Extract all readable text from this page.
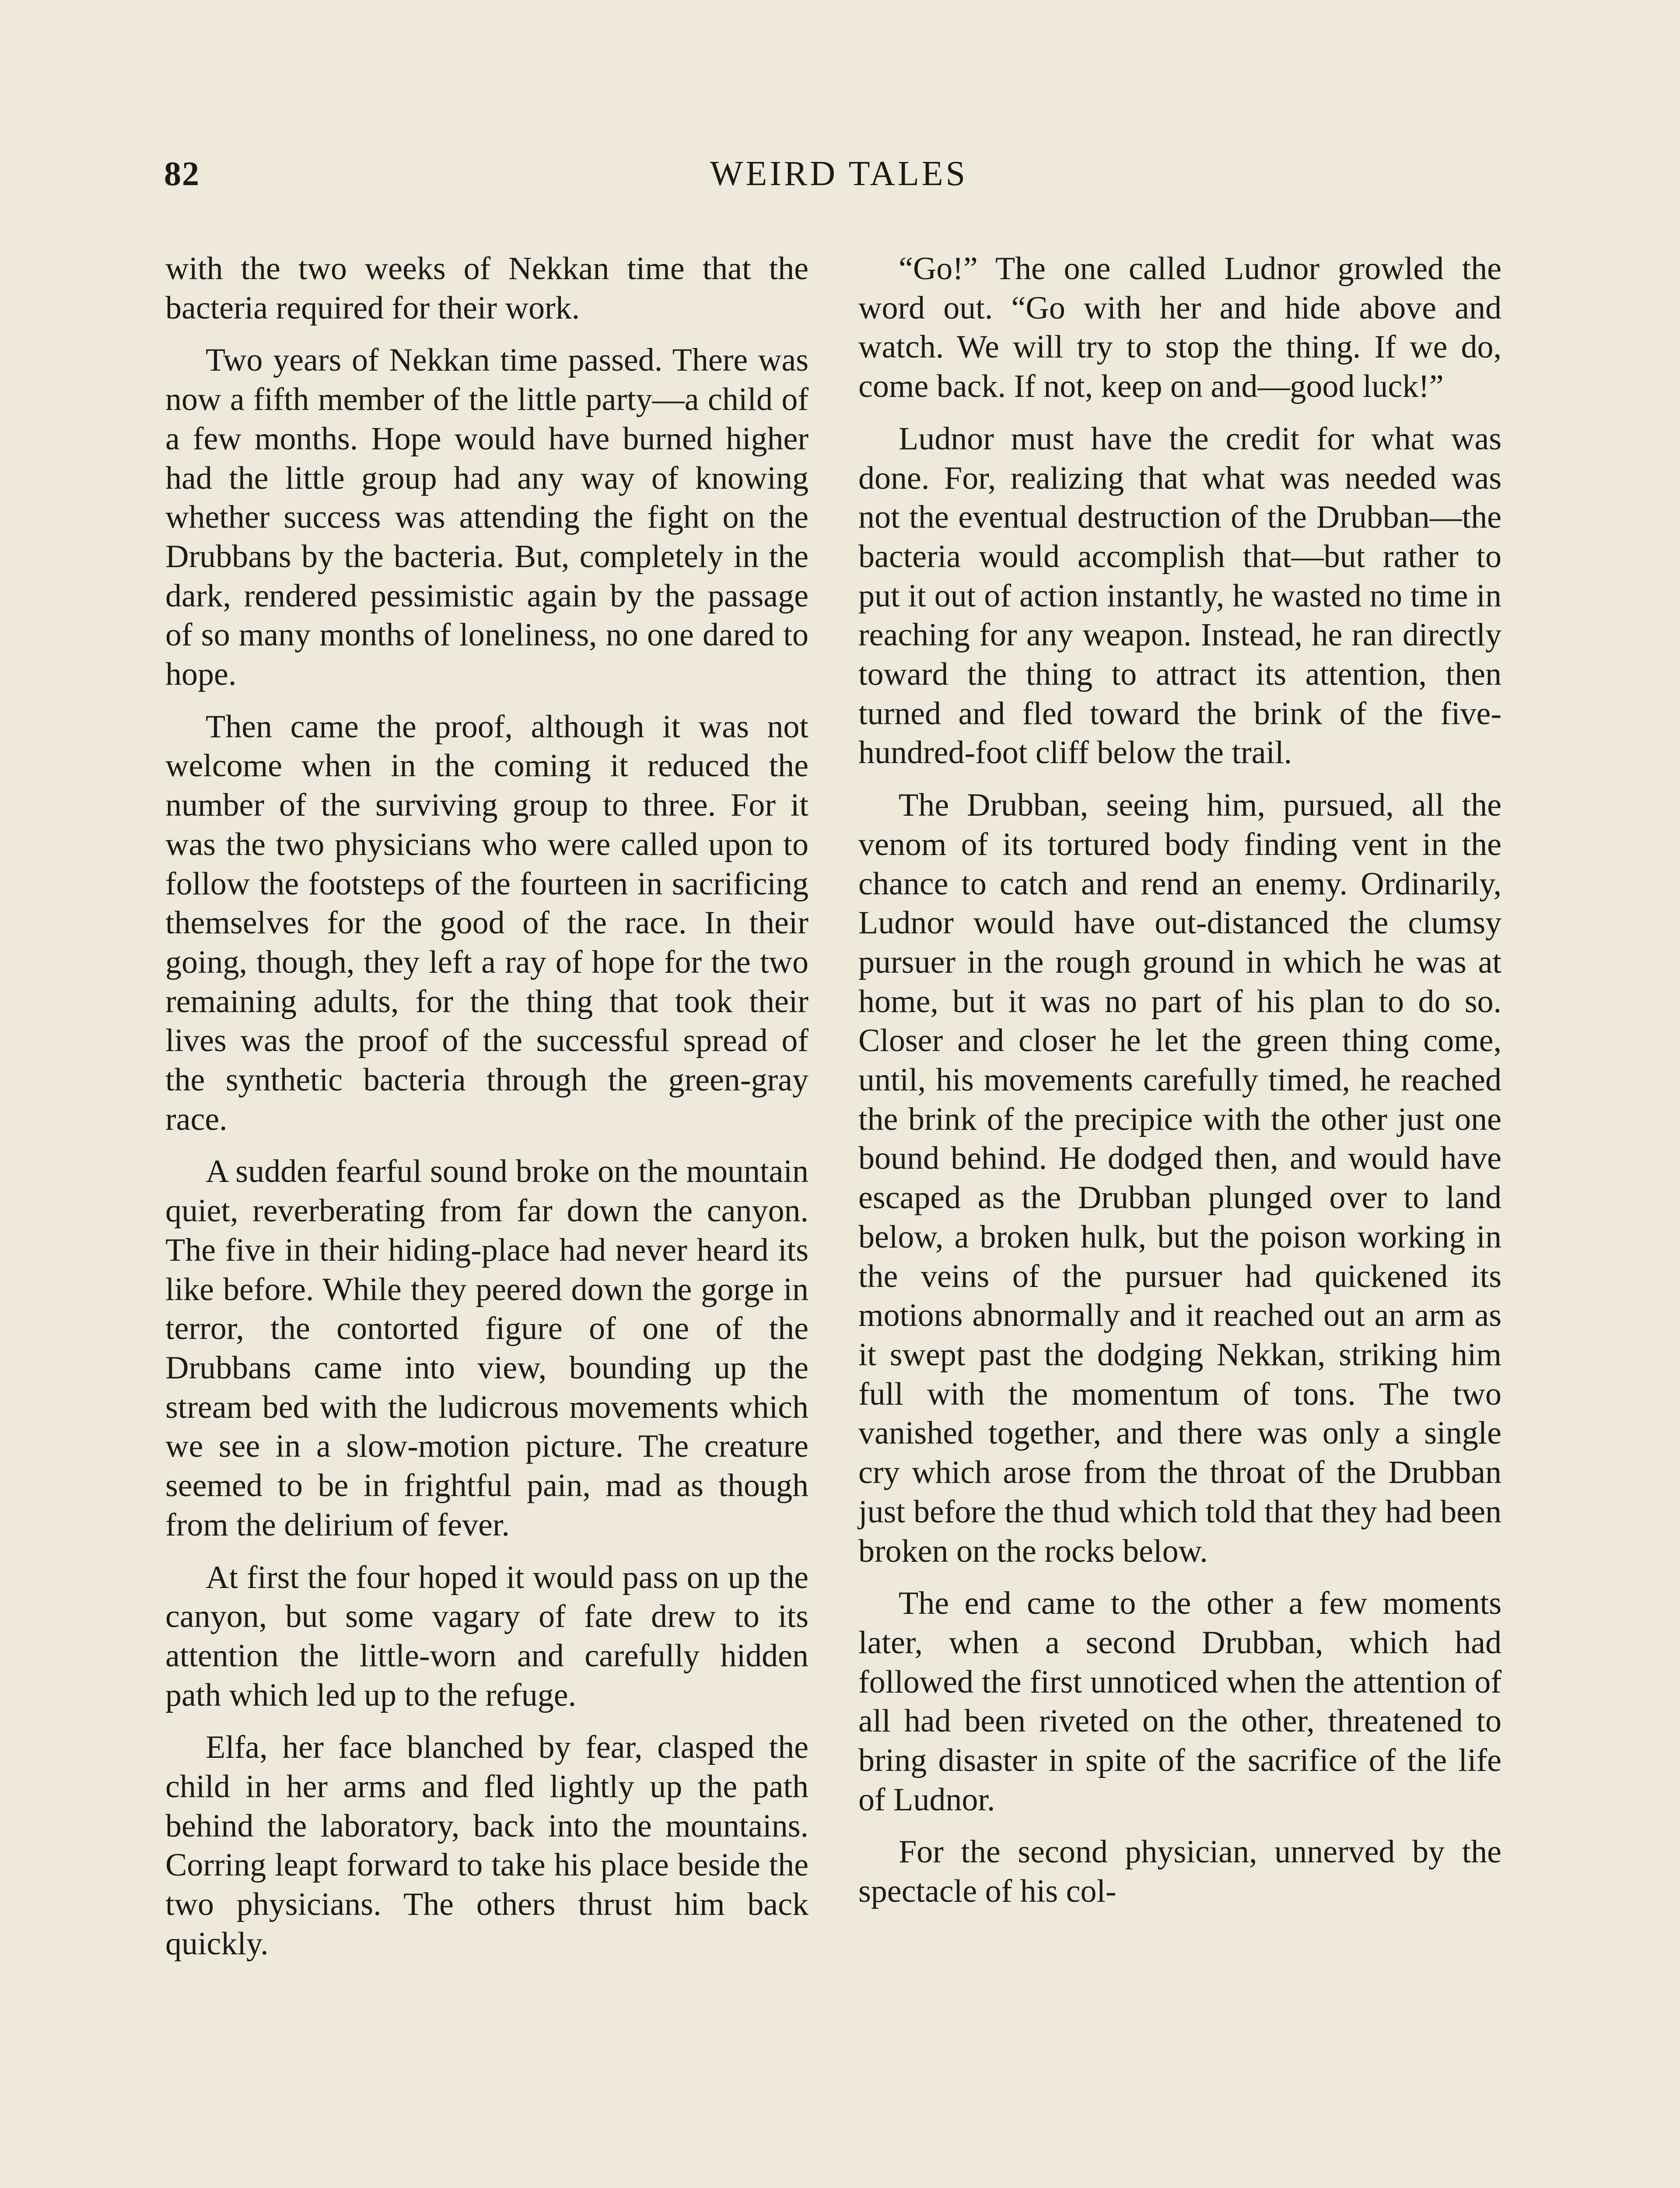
82	WEIRD TALES

with the two weeks of Nekkan time that the bacteria required for their work.

Two years of Nekkan time passed. There was now a fifth member of the little party—a child of a few months. Hope would have burned higher had the little group had any way of knowing whether success was attending the fight on the Drubbans by the bacteria. But, completely in the dark, rendered pessimistic again by the passage of so many months of loneliness, no one dared to hope.

Then came the proof, although it was not welcome when in the coming it reduced the number of the surviving group to three. For it was the two physicians who were called upon to follow the footsteps of the fourteen in sacrificing themselves for the good of the race. In their going, though, they left a ray of hope for the two remaining adults, for the thing that took their lives was the proof of the successful spread of the synthetic bacteria through the green-gray race.

A sudden fearful sound broke on the mountain quiet, reverberating from far down the canyon. The five in their hiding-place had never heard its like before. While they peered down the gorge in terror, the contorted figure of one of the Drubbans came into view, bounding up the stream bed with the ludicrous movements which we see in a slow-motion picture. The creature seemed to be in frightful pain, mad as though from the delirium of fever.

At first the four hoped it would pass on up the canyon, but some vagary of fate drew to its attention the little-worn and carefully hidden path which led up to the refuge.

Elfa, her face blanched by fear, clasped the child in her arms and fled lightly up the path behind the laboratory, back into the mountains. Corring leapt forward to take his place beside the two physicians. The others thrust him back quickly.

“Go!” The one called Ludnor growled the word out. “Go with her and hide above and watch. We will try to stop the thing. If we do, come back. If not, keep on and—good luck!”

Ludnor must have the credit for what was done. For, realizing that what was needed was not the eventual destruction of the Drubban—the bacteria would accomplish that—but rather to put it out of action instantly, he wasted no time in reaching for any weapon. Instead, he ran directly toward the thing to attract its attention, then turned and fled toward the brink of the five-hundred-foot cliff below the trail.

The Drubban, seeing him, pursued, all the venom of its tortured body finding vent in the chance to catch and rend an enemy. Ordinarily, Ludnor would have out-distanced the clumsy pursuer in the rough ground in which he was at home, but it was no part of his plan to do so. Closer and closer he let the green thing come, until, his movements carefully timed, he reached the brink of the precipice with the other just one bound behind. He dodged then, and would have escaped as the Drubban plunged over to land below, a broken hulk, but the poison working in the veins of the pursuer had quickened its motions abnormally and it reached out an arm as it swept past the dodging Nekkan, striking him full with the momentum of tons. The two vanished together, and there was only a single cry which arose from the throat of the Drubban just before the thud which told that they had been broken on the rocks below.

The end came to the other a few moments later, when a second Drubban, which had followed the first unnoticed when the attention of all had been riveted on the other, threatened to bring disaster in spite of the sacrifice of the life of Ludnor.

For the second physician, unnerved by the spectacle of his col-
